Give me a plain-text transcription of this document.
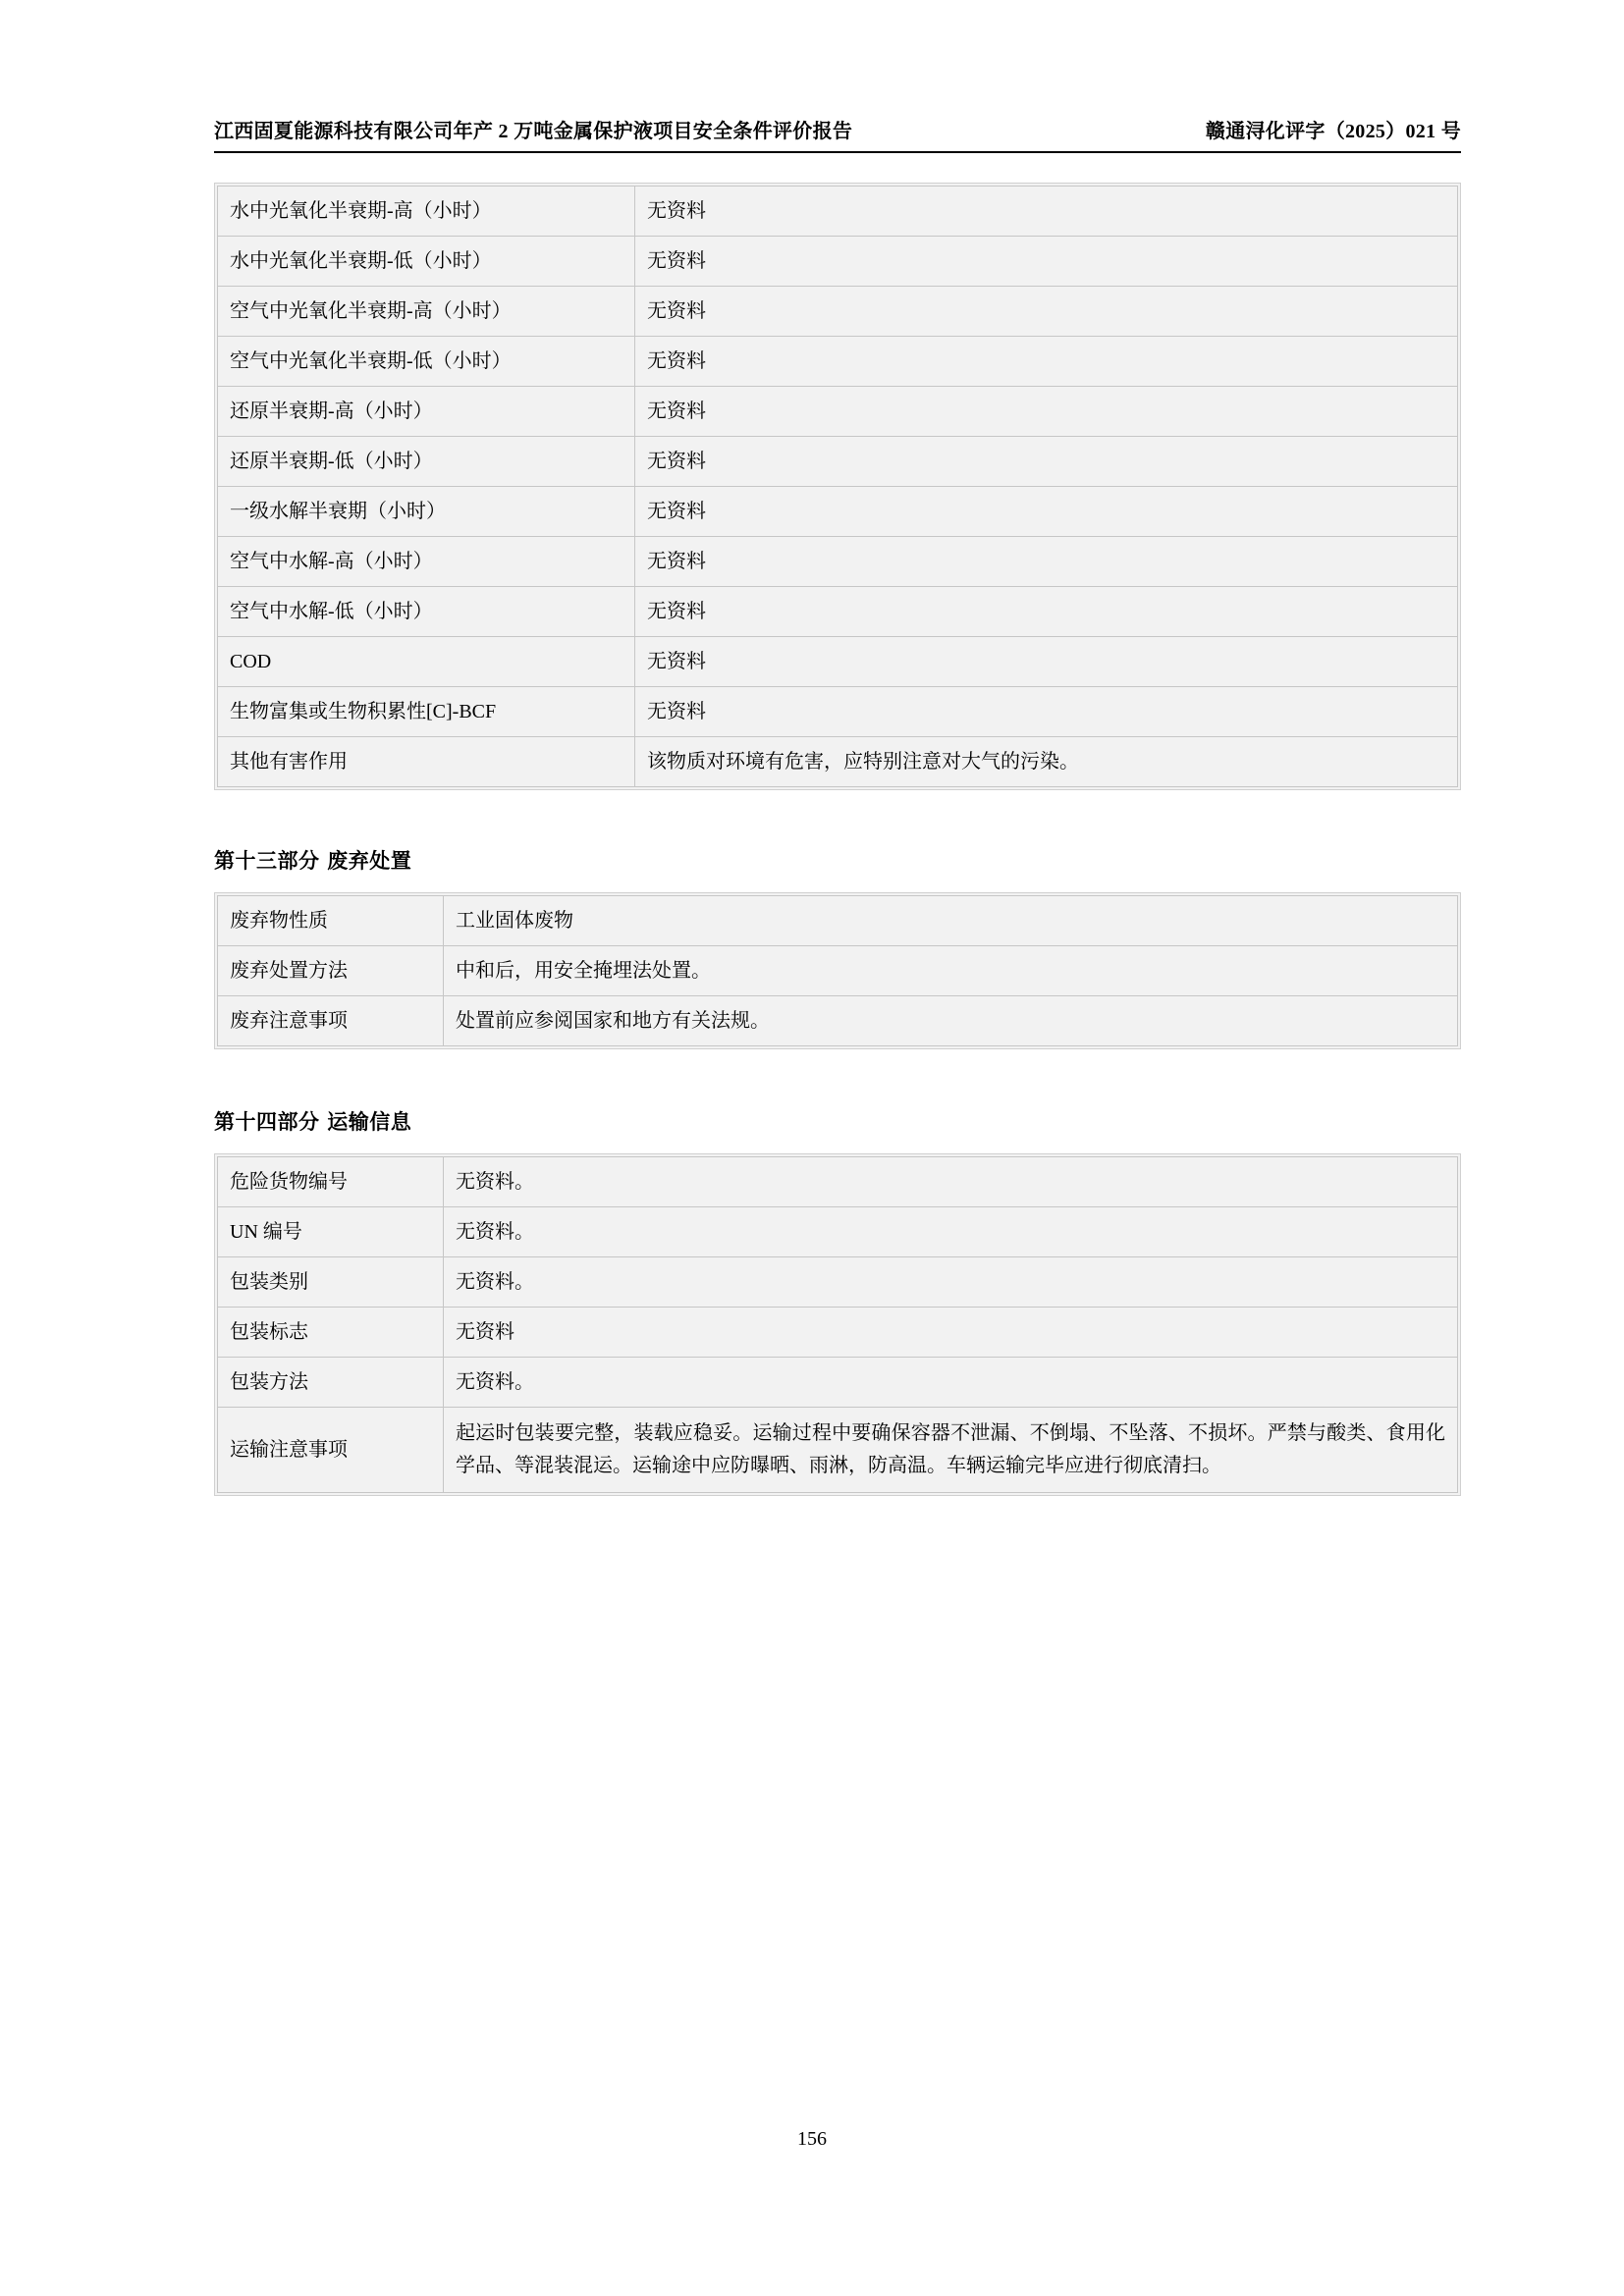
江西固夏能源科技有限公司年产 2 万吨金属保护液项目安全条件评价报告	赣通浔化评字（2025）021 号
水中光氧化半衰期-高（小时）	无资料
水中光氧化半衰期-低（小时）	无资料
空气中光氧化半衰期-高（小时）	无资料
空气中光氧化半衰期-低（小时）	无资料
还原半衰期-高（小时）	无资料
还原半衰期-低（小时）	无资料
一级水解半衰期（小时）	无资料
空气中水解-高（小时）	无资料
空气中水解-低（小时）	无资料
COD	无资料
生物富集或生物积累性[C]-BCF	无资料
其他有害作用	该物质对环境有危害，应特别注意对大气的污染。
第十三部分 废弃处置
废弃物性质	工业固体废物
废弃处置方法	中和后，用安全掩埋法处置。
废弃注意事项	处置前应参阅国家和地方有关法规。
第十四部分 运输信息
危险货物编号	无资料。
UN 编号	无资料。
包装类别	无资料。
包装标志	无资料
包装方法	无资料。
运输注意事项	起运时包装要完整，装载应稳妥。运输过程中要确保容器不泄漏、不倒塌、不坠落、不损坏。严禁与酸类、食用化学品、等混装混运。运输途中应防曝晒、雨淋，防高温。车辆运输完毕应进行彻底清扫。
156
